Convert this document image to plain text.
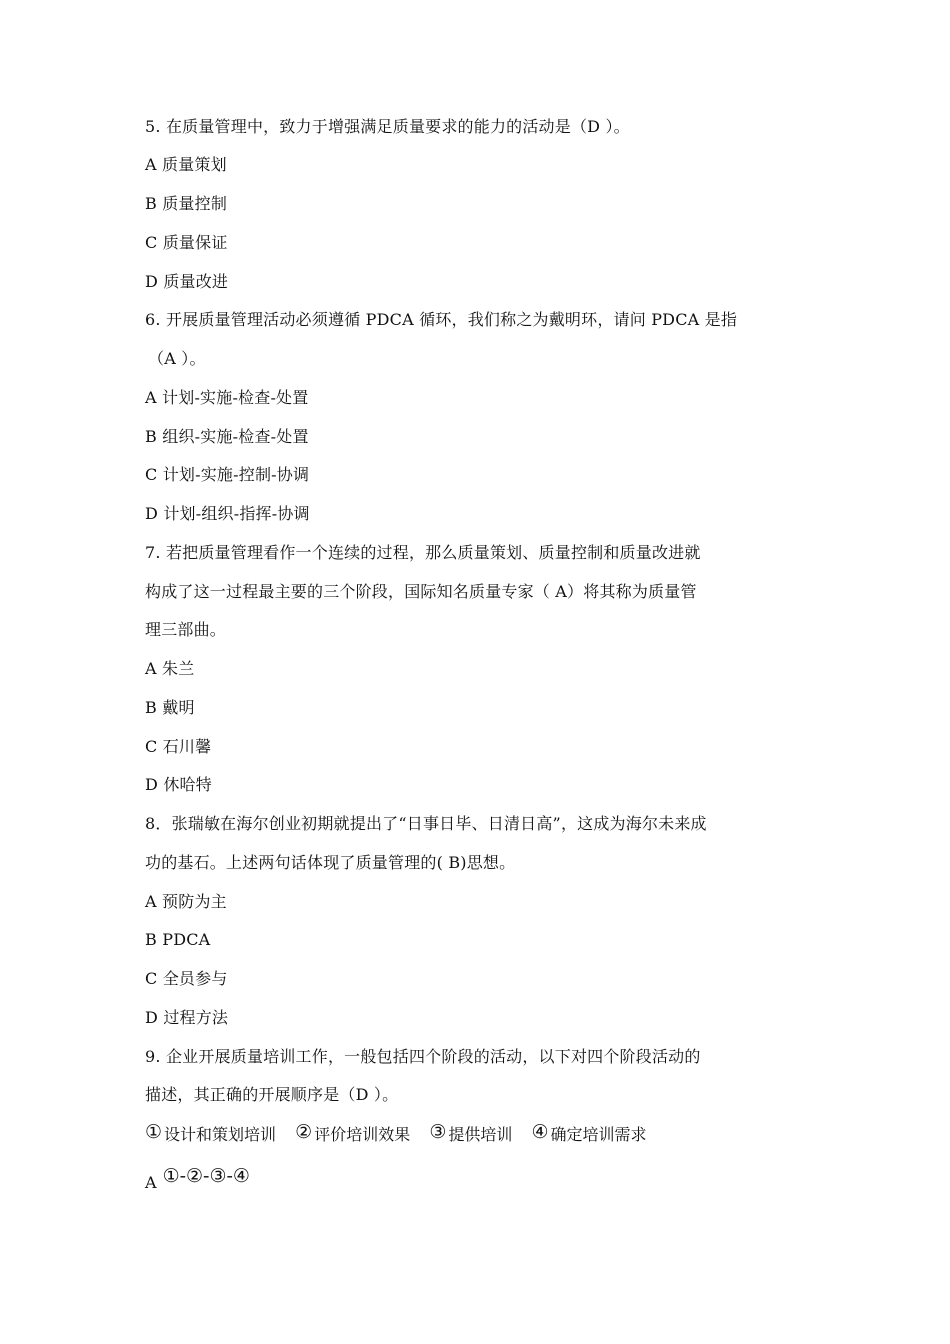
5. 在质量管理中，致力于增强满足质量要求的能力的活动是（D ）。
A 质量策划
B 质量控制
C 质量保证
D 质量改进
6. 开展质量管理活动必须遵循 PDCA 循环，我们称之为戴明环，请问 PDCA 是指
（A ）。
A 计划-实施-检查-处置
B 组织-实施-检查-处置
C 计划-实施-控制-协调
D 计划-组织-指挥-协调
7. 若把质量管理看作一个连续的过程，那么质量策划、质量控制和质量改进就
构成了这一过程最主要的三个阶段，国际知名质量专家（ A）将其称为质量管
理三部曲。
A 朱兰
B 戴明
C 石川馨
D 休哈特
8．张瑞敏在海尔创业初期就提出了“日事日毕、日清日高”，这成为海尔未来成
功的基石。上述两句话体现了质量管理的( B)思想。
A 预防为主
B PDCA
C 全员参与
D 过程方法
9. 企业开展质量培训工作，一般包括四个阶段的活动，以下对四个阶段活动的
描述，其正确的开展顺序是（D ）。
① 设计和策划培训 ② 评价培训效果 ③ 提供培训 ④ 确定培训需求
A ①-②-③-④
